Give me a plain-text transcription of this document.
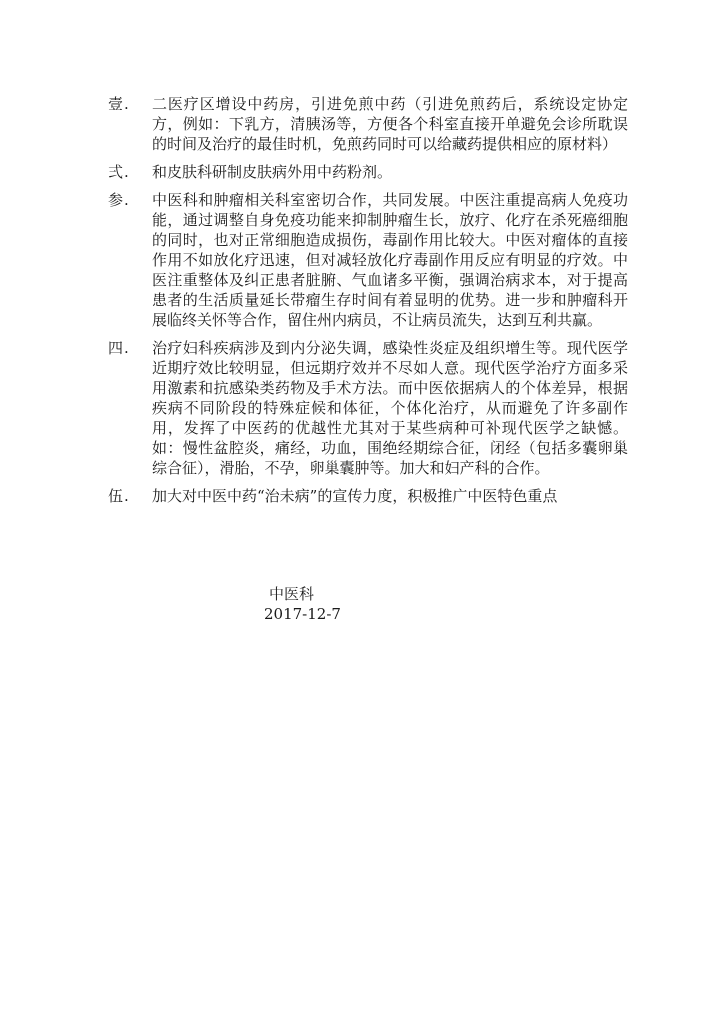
壹.	二医疗区增设中药房，引进免煎中药（引进免煎药后，系统设定协定方，例如：下乳方，清胰汤等，方便各个科室直接开单避免会诊所耽误的时间及治疗的最佳时机，免煎药同时可以给藏药提供相应的原材料）
弍.	和皮肤科研制皮肤病外用中药粉剂。
参.	中医科和肿瘤相关科室密切合作，共同发展。中医注重提高病人免疫功能，通过调整自身免疫功能来抑制肿瘤生长，放疗、化疗在杀死癌细胞的同时，也对正常细胞造成损伤，毒副作用比较大。中医对瘤体的直接作用不如放化疗迅速，但对减轻放化疗毒副作用反应有明显的疗效。中医注重整体及纠正患者脏腑、气血诸多平衡，强调治病求本，对于提高患者的生活质量延长带瘤生存时间有着显明的优势。进一步和肿瘤科开展临终关怀等合作，留住州内病员，不让病员流失，达到互利共赢。
四.	治疗妇科疾病涉及到内分泌失调，感染性炎症及组织增生等。现代医学近期疗效比较明显，但远期疗效并不尽如人意。现代医学治疗方面多采用激素和抗感染类药物及手术方法。而中医依据病人的个体差异，根据疾病不同阶段的特殊症候和体征，个体化治疗，从而避免了许多副作用，发挥了中医药的优越性尤其对于某些病种可补现代医学之缺憾。如：慢性盆腔炎，痛经，功血，围绝经期综合征，闭经（包括多囊卵巢综合征），滑胎，不孕，卵巢囊肿等。加大和妇产科的合作。
伍.	加大对中医中药“治未病”的宣传力度，积极推广中医特色重点
中医科
2017-12-7
